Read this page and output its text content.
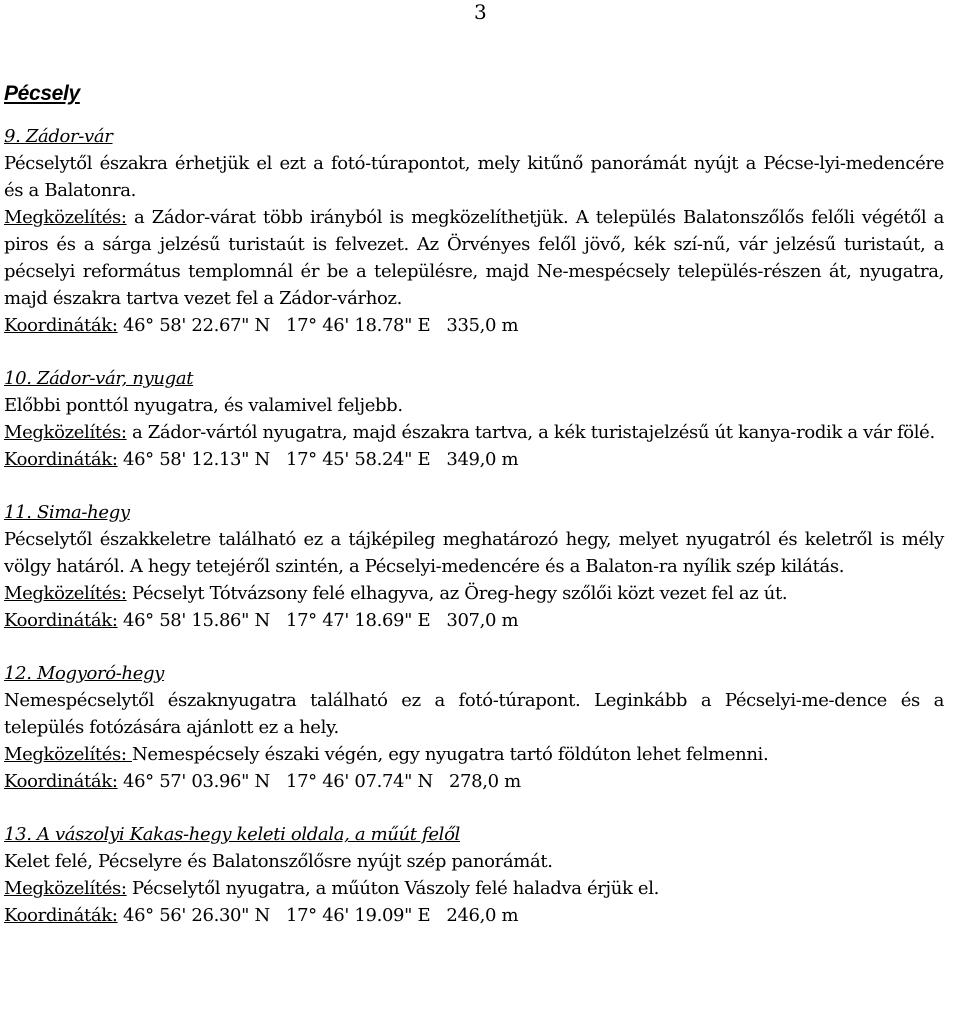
3
Pécsely

9. Zádor-vár

Pécselytől északra érhetjük el ezt a fotó-túrapontot, mely kitűnő panorámát nyújt a Pécse-lyi-medencére és a Balatonra.

Megközelítés: a Zádor-várat több irányból is megközelíthetjük. A település Balatonszőlős felőli végétől a piros és a sárga jelzésű turistaút is felvezet. Az Örvényes felől jövő, kék szí-nű, vár jelzésű turistaút, a pécselyi református templomnál ér be a településre, majd Ne-mespécsely település-részen át, nyugatra, majd északra tartva vezet fel a Zádor-várhoz.

Koordináták: 46° 58' 22.67" N   17° 46' 18.78" E   335,0 m

10. Zádor-vár, nyugat

Előbbi ponttól nyugatra, és valamivel feljebb.

Megközelítés: a Zádor-vártól nyugatra, majd északra tartva, a kék turistajelzésű út kanya-rodik a vár fölé.

Koordináták: 46° 58' 12.13" N   17° 45' 58.24" E   349,0 m

11. Sima-hegy

Pécselytől északkeletre található ez a tájképileg meghatározó hegy, melyet nyugatról és keletről is mély völgy határól. A hegy tetejéről szintén, a Pécselyi-medencére és a Balaton-ra nyílik szép kilátás.

Megközelítés: Pécselyt Tótvázsony felé elhagyva, az Öreg-hegy szőlői közt vezet fel az út.

Koordináták: 46° 58' 15.86" N   17° 47' 18.69" E   307,0 m

12. Mogyoró-hegy

Nemespécselytől északnyugatra található ez a fotó-túrapont. Leginkább a Pécselyi-me-dence és a település fotózására ajánlott ez a hely.

Megközelítés: Nemespécsely északi végén, egy nyugatra tartó földúton lehet felmenni.

Koordináták: 46° 57' 03.96" N   17° 46' 07.74" N   278,0 m

13. A vászolyi Kakas-hegy keleti oldala, a műút felől

Kelet felé, Pécselyre és Balatonszőlősre nyújt szép panorámát.

Megközelítés: Pécselytől nyugatra, a műúton Vászoly felé haladva érjük el.

Koordináták: 46° 56' 26.30" N   17° 46' 19.09" E   246,0 m
